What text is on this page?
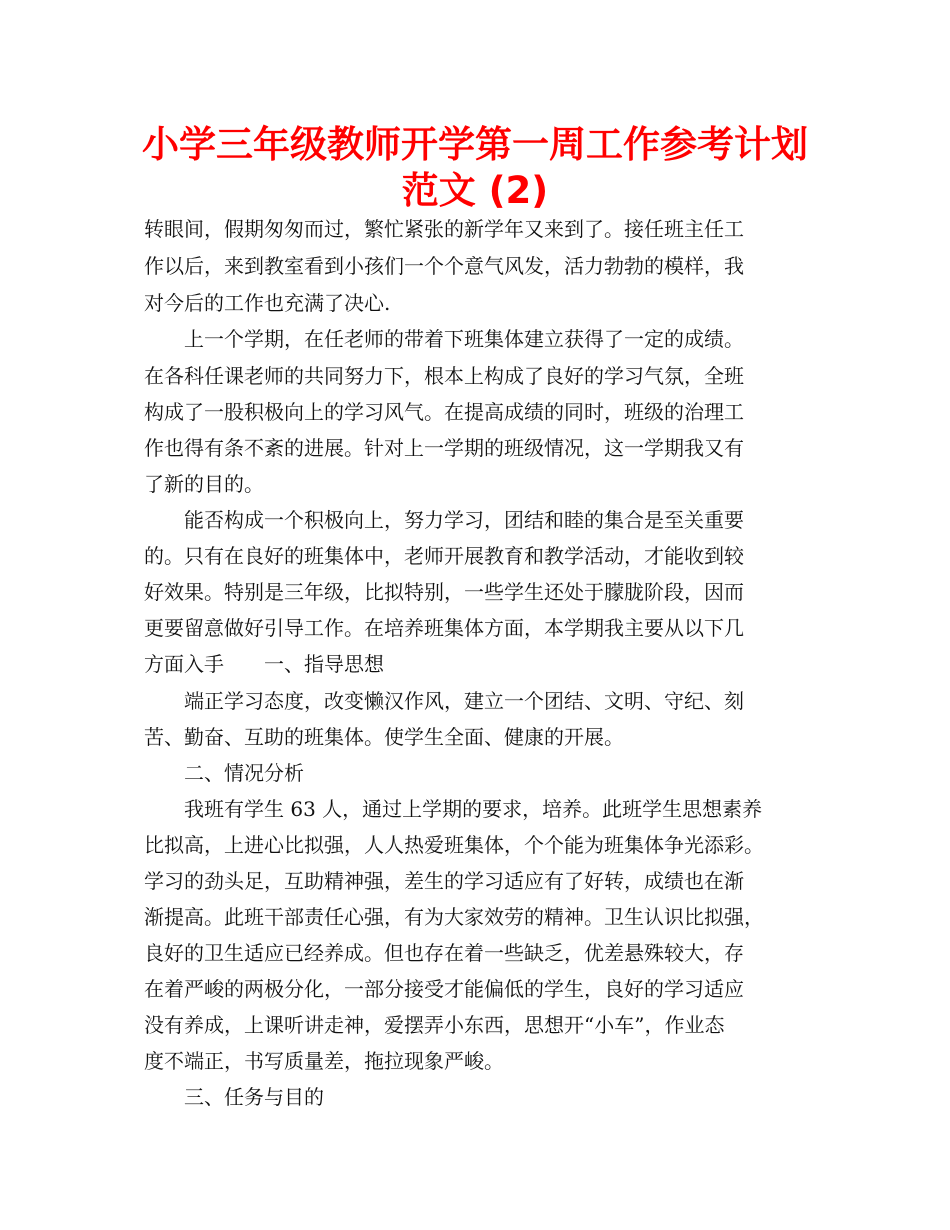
小学三年级教师开学第一周工作参考计划
范文 (2)

转眼间，假期匆匆而过，繁忙紧张的新学年又来到了。接任班主任工

作以后，来到教室看到小孩们一个个意气风发，活力勃勃的模样，我

对今后的工作也充满了决心.

上一个学期，在任老师的带着下班集体建立获得了一定的成绩。

在各科任课老师的共同努力下，根本上构成了良好的学习气氛，全班

构成了一股积极向上的学习风气。在提高成绩的同时，班级的治理工

作也得有条不紊的进展。针对上一学期的班级情况，这一学期我又有

了新的目的。

能否构成一个积极向上，努力学习，团结和睦的集合是至关重要

的。只有在良好的班集体中，老师开展教育和教学活动，才能收到较

好效果。特别是三年级，比拟特别，一些学生还处于朦胧阶段，因而

更要留意做好引导工作。在培养班集体方面，本学期我主要从以下几

方面入手　　一、指导思想

端正学习态度，改变懒汉作风，建立一个团结、文明、守纪、刻

苦、勤奋、互助的班集体。使学生全面、健康的开展。

二、情况分析

我班有学生 63 人，通过上学期的要求，培养。此班学生思想素养

比拟高，上进心比拟强，人人热爱班集体，个个能为班集体争光添彩。

学习的劲头足，互助精神强，差生的学习适应有了好转，成绩也在渐

渐提高。此班干部责任心强，有为大家效劳的精神。卫生认识比拟强，

良好的卫生适应已经养成。但也存在着一些缺乏，优差悬殊较大，存

在着严峻的两极分化，一部分接受才能偏低的学生，良好的学习适应

没有养成，上课听讲走神，爱摆弄小东西，思想开“小车”，作业态

度不端正，书写质量差，拖拉现象严峻。

三、任务与目的
